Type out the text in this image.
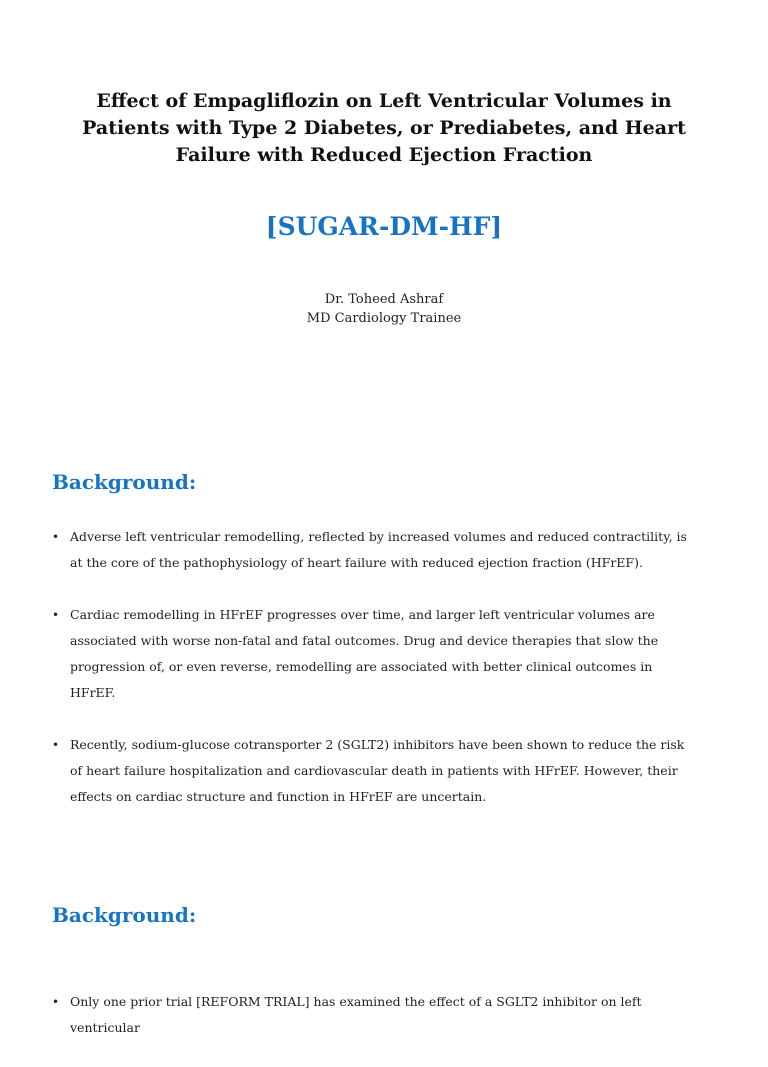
Effect of Empagliflozin on Left Ventricular Volumes in Patients with Type 2 Diabetes, or Prediabetes, and Heart Failure with Reduced Ejection Fraction
[SUGAR-DM-HF]
Dr. Toheed Ashraf
MD Cardiology Trainee
Background:
• Adverse left ventricular remodelling, reflected by increased volumes and reduced contractility, is at the core of the pathophysiology of heart failure with reduced ejection fraction (HFrEF).
• Cardiac remodelling in HFrEF progresses over time, and larger left ventricular volumes are associated with worse non-fatal and fatal outcomes. Drug and device therapies that slow the progression of, or even reverse, remodelling are associated with better clinical outcomes in HFrEF.
• Recently, sodium-glucose cotransporter 2 (SGLT2) inhibitors have been shown to reduce the risk of heart failure hospitalization and cardiovascular death in patients with HFrEF. However, their effects on cardiac structure and function in HFrEF are uncertain.
Background:
• Only one prior trial [REFORM TRIAL] has examined the effect of a SGLT2 inhibitor on left ventricular
